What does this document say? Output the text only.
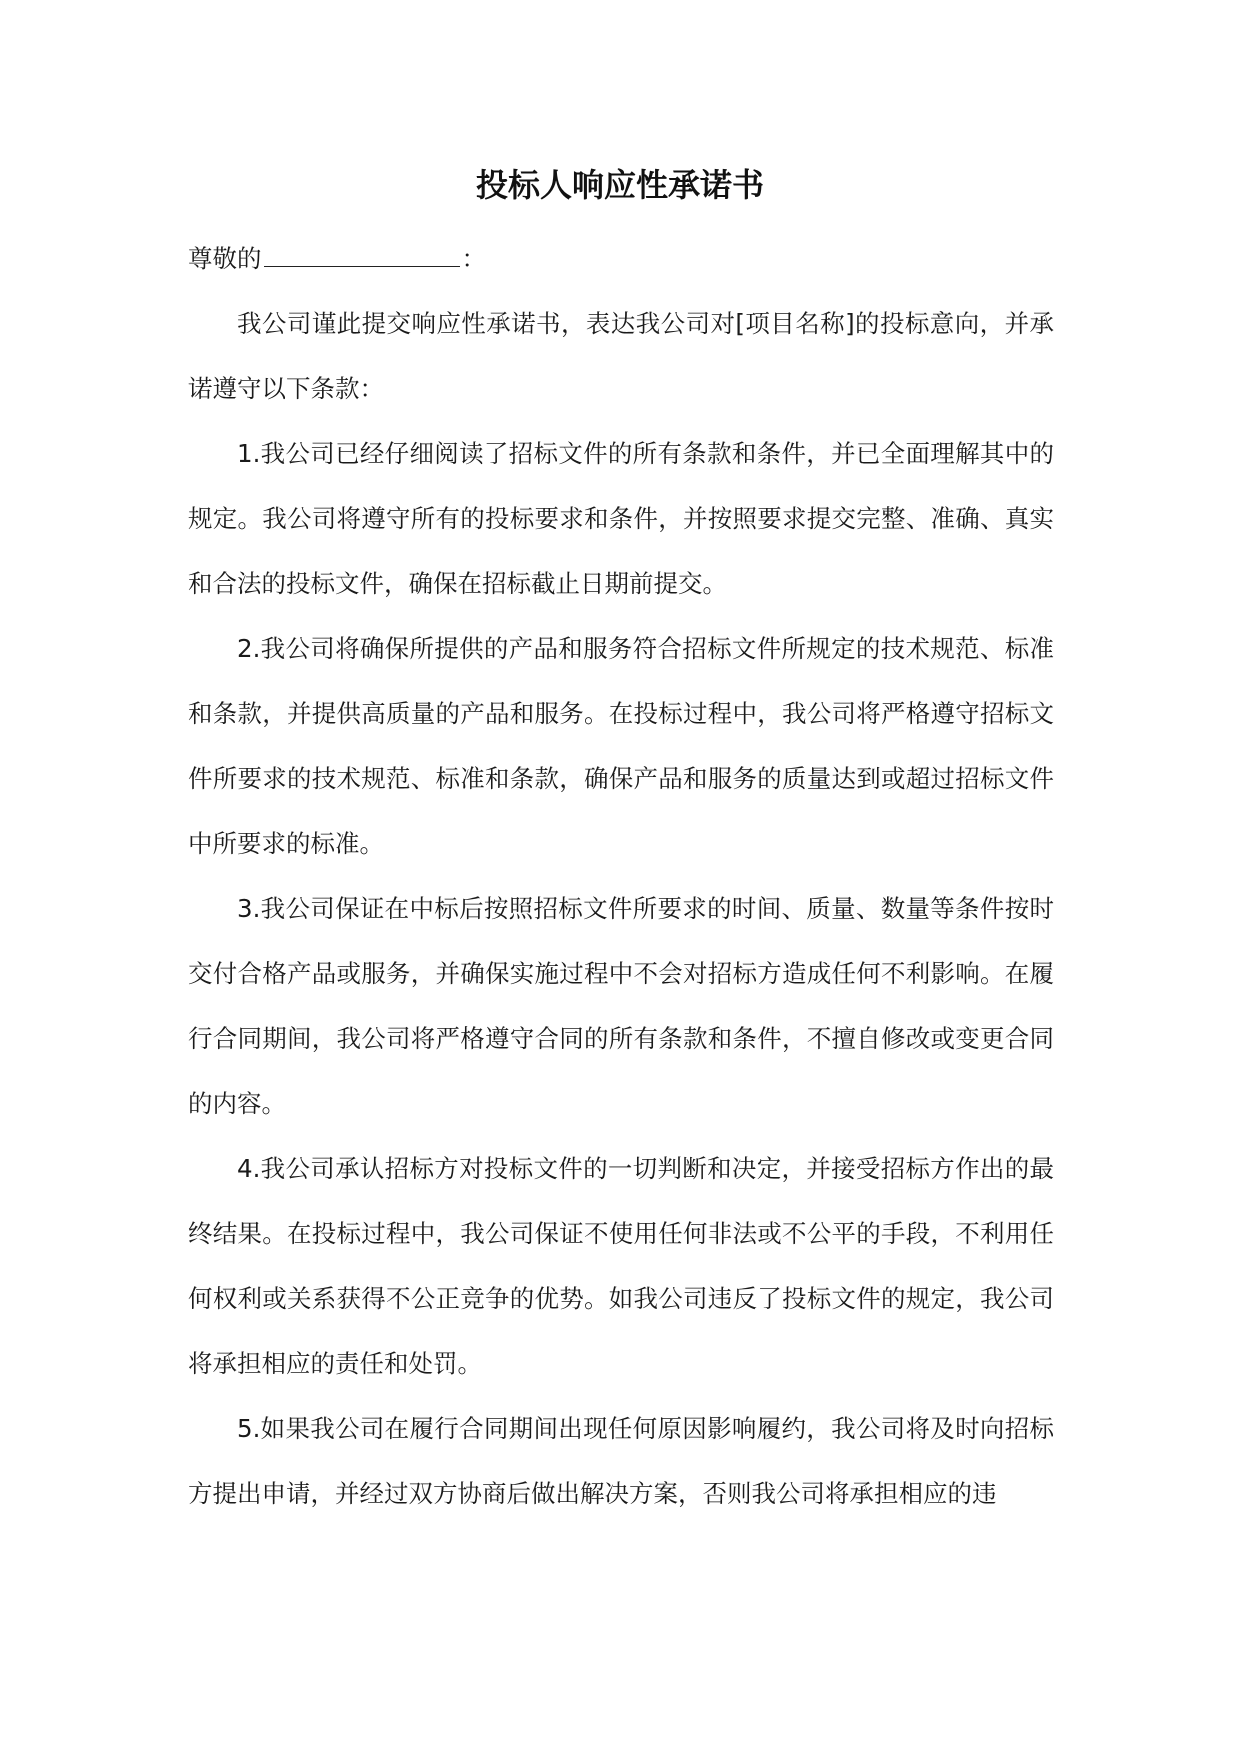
投标人响应性承诺书

尊敬的	：

我公司谨此提交响应性承诺书，表达我公司对[项目名称]的投标意向，并承诺遵守以下条款：

1.我公司已经仔细阅读了招标文件的所有条款和条件，并已全面理解其中的规定。我公司将遵守所有的投标要求和条件，并按照要求提交完整、准确、真实和合法的投标文件，确保在招标截止日期前提交。

2.我公司将确保所提供的产品和服务符合招标文件所规定的技术规范、标准和条款，并提供高质量的产品和服务。在投标过程中，我公司将严格遵守招标文件所要求的技术规范、标准和条款，确保产品和服务的质量达到或超过招标文件中所要求的标准。

3.我公司保证在中标后按照招标文件所要求的时间、质量、数量等条件按时交付合格产品或服务，并确保实施过程中不会对招标方造成任何不利影响。在履行合同期间，我公司将严格遵守合同的所有条款和条件，不擅自修改或变更合同的内容。

4.我公司承认招标方对投标文件的一切判断和决定，并接受招标方作出的最终结果。在投标过程中，我公司保证不使用任何非法或不公平的手段，不利用任何权利或关系获得不公正竞争的优势。如我公司违反了投标文件的规定，我公司将承担相应的责任和处罚。

5.如果我公司在履行合同期间出现任何原因影响履约，我公司将及时向招标方提出申请，并经过双方协商后做出解决方案，否则我公司将承担相应的违
